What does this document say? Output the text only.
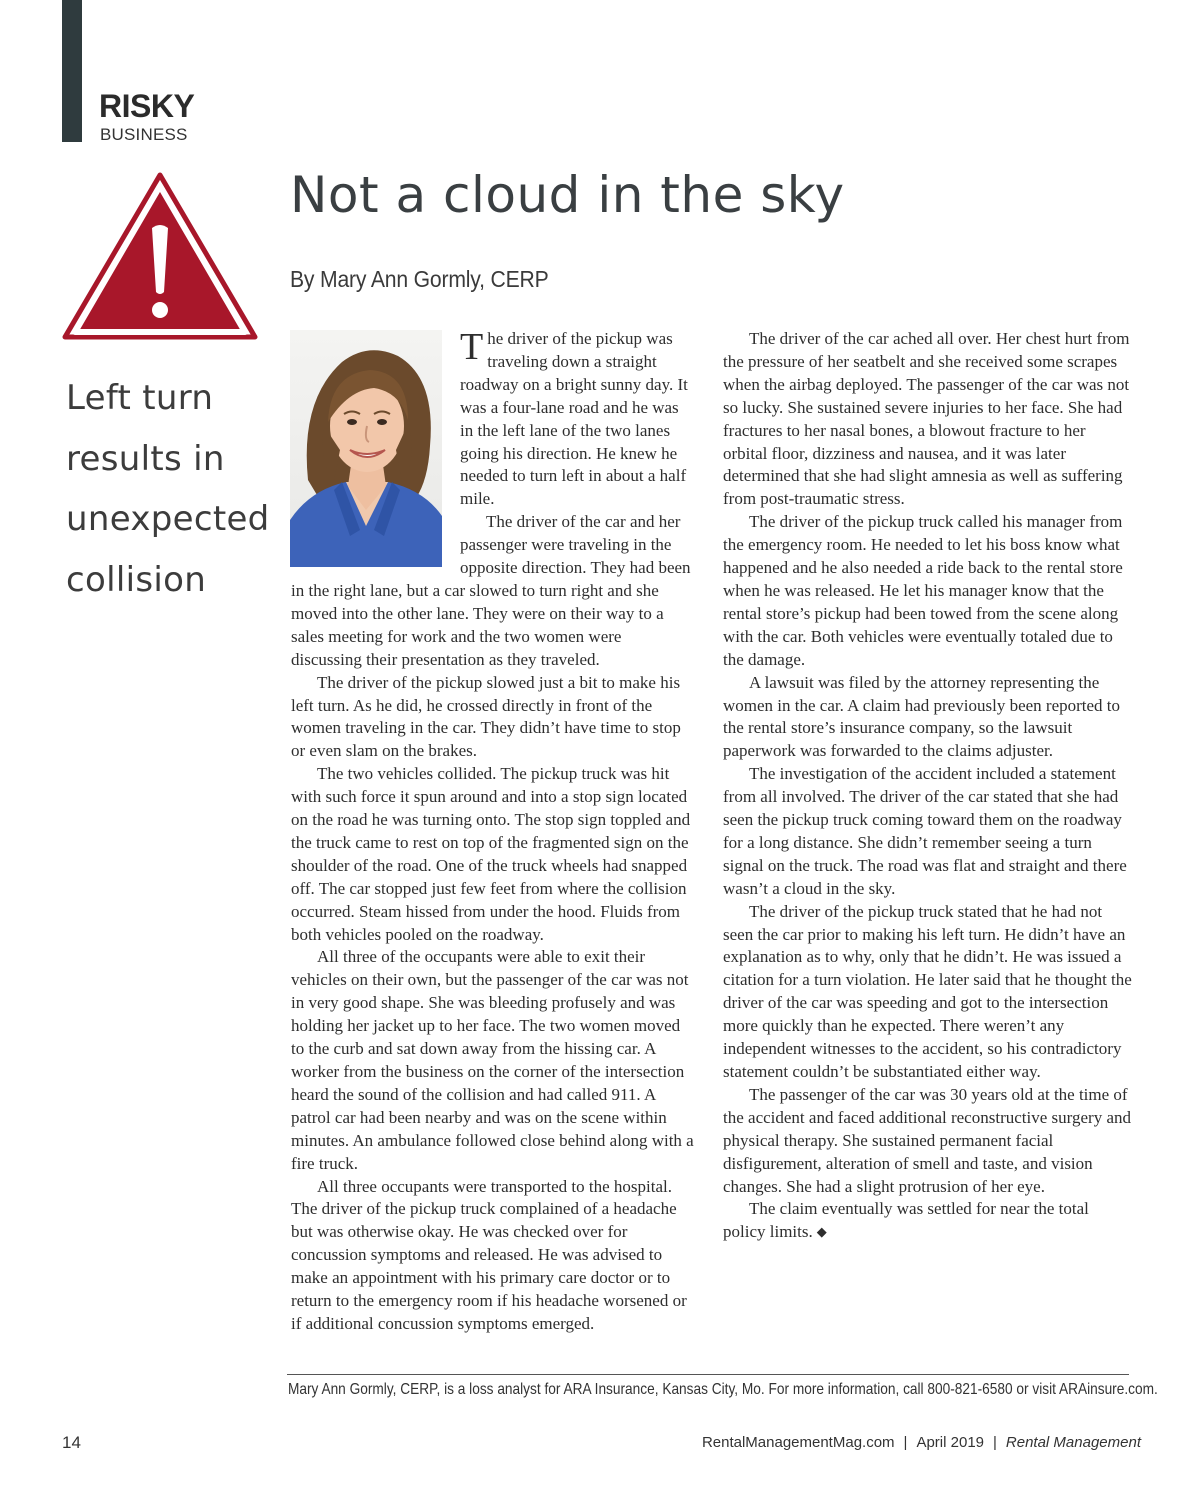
RISKY
BUSINESS
Left turn results in unexpected collision
Not a cloud in the sky
By Mary Ann Gormly, CERP

The driver of the pickup was traveling down a straight roadway on a bright sunny day. It was a four-lane road and he was in the left lane of the two lanes going his direction. He knew he needed to turn left in about a half mile.

The driver of the car and her passenger were traveling in the opposite direction. They had been in the right lane, but a car slowed to turn right and she moved into the other lane. They were on their way to a sales meeting for work and the two women were discussing their presentation as they traveled.

The driver of the pickup slowed just a bit to make his left turn. As he did, he crossed directly in front of the women traveling in the car. They didn’t have time to stop or even slam on the brakes.

The two vehicles collided. The pickup truck was hit with such force it spun around and into a stop sign located on the road he was turning onto. The stop sign toppled and the truck came to rest on top of the fragmented sign on the shoulder of the road. One of the truck wheels had snapped off. The car stopped just few feet from where the collision occurred. Steam hissed from under the hood. Fluids from both vehicles pooled on the roadway.

All three of the occupants were able to exit their vehicles on their own, but the passenger of the car was not in very good shape. She was bleeding profusely and was holding her jacket up to her face. The two women moved to the curb and sat down away from the hissing car. A worker from the business on the corner of the intersection heard the sound of the collision and had called 911. A patrol car had been nearby and was on the scene within minutes. An ambulance followed close behind along with a fire truck.

All three occupants were transported to the hospital. The driver of the pickup truck complained of a headache but was otherwise okay. He was checked over for concussion symptoms and released. He was advised to make an appointment with his primary care doctor or to return to the emergency room if his headache worsened or if additional concussion symptoms emerged.

The driver of the car ached all over. Her chest hurt from the pressure of her seatbelt and she received some scrapes when the airbag deployed. The passenger of the car was not so lucky. She sustained severe injuries to her face. She had fractures to her nasal bones, a blowout fracture to her orbital floor, dizziness and nausea, and it was later determined that she had slight amnesia as well as suffering from post-traumatic stress.

The driver of the pickup truck called his manager from the emergency room. He needed to let his boss know what happened and he also needed a ride back to the rental store when he was released. He let his manager know that the rental store’s pickup had been towed from the scene along with the car. Both vehicles were eventually totaled due to the damage.

A lawsuit was filed by the attorney representing the women in the car. A claim had previously been reported to the rental store’s insurance company, so the lawsuit paperwork was forwarded to the claims adjuster.

The investigation of the accident included a statement from all involved. The driver of the car stated that she had seen the pickup truck coming toward them on the roadway for a long distance. She didn’t remember seeing a turn signal on the truck. The road was flat and straight and there wasn’t a cloud in the sky.

The driver of the pickup truck stated that he had not seen the car prior to making his left turn. He didn’t have an explanation as to why, only that he didn’t. He was issued a citation for a turn violation. He later said that he thought the driver of the car was speeding and got to the intersection more quickly than he expected. There weren’t any independent witnesses to the accident, so his contradictory statement couldn’t be substantiated either way.

The passenger of the car was 30 years old at the time of the accident and faced additional reconstructive surgery and physical therapy. She sustained permanent facial disfigurement, alteration of smell and taste, and vision changes. She had a slight protrusion of her eye.

The claim eventually was settled for near the total policy limits. ◆

Mary Ann Gormly, CERP, is a loss analyst for ARA Insurance, Kansas City, Mo. For more information, call 800-821-6580 or visit ARAinsure.com.
14	RentalManagementMag.com | April 2019 | Rental Management
